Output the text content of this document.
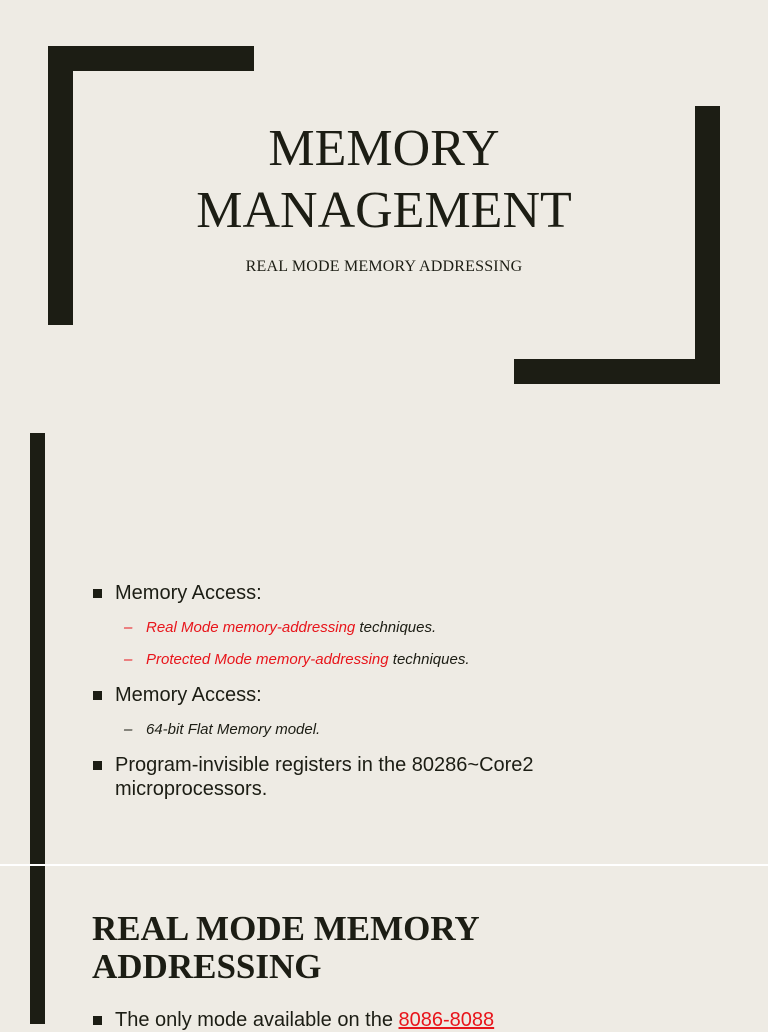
MEMORY
MANAGEMENT
REAL MODE MEMORY ADDRESSING
Memory Access:
– Real Mode memory-addressing techniques.
– Protected Mode memory-addressing techniques.
Memory Access:
– 64-bit Flat Memory model.
Program-invisible registers in the 80286~Core2
microprocessors.
REAL MODE MEMORY
ADDRESSING
The only mode available on the 8086-8088
